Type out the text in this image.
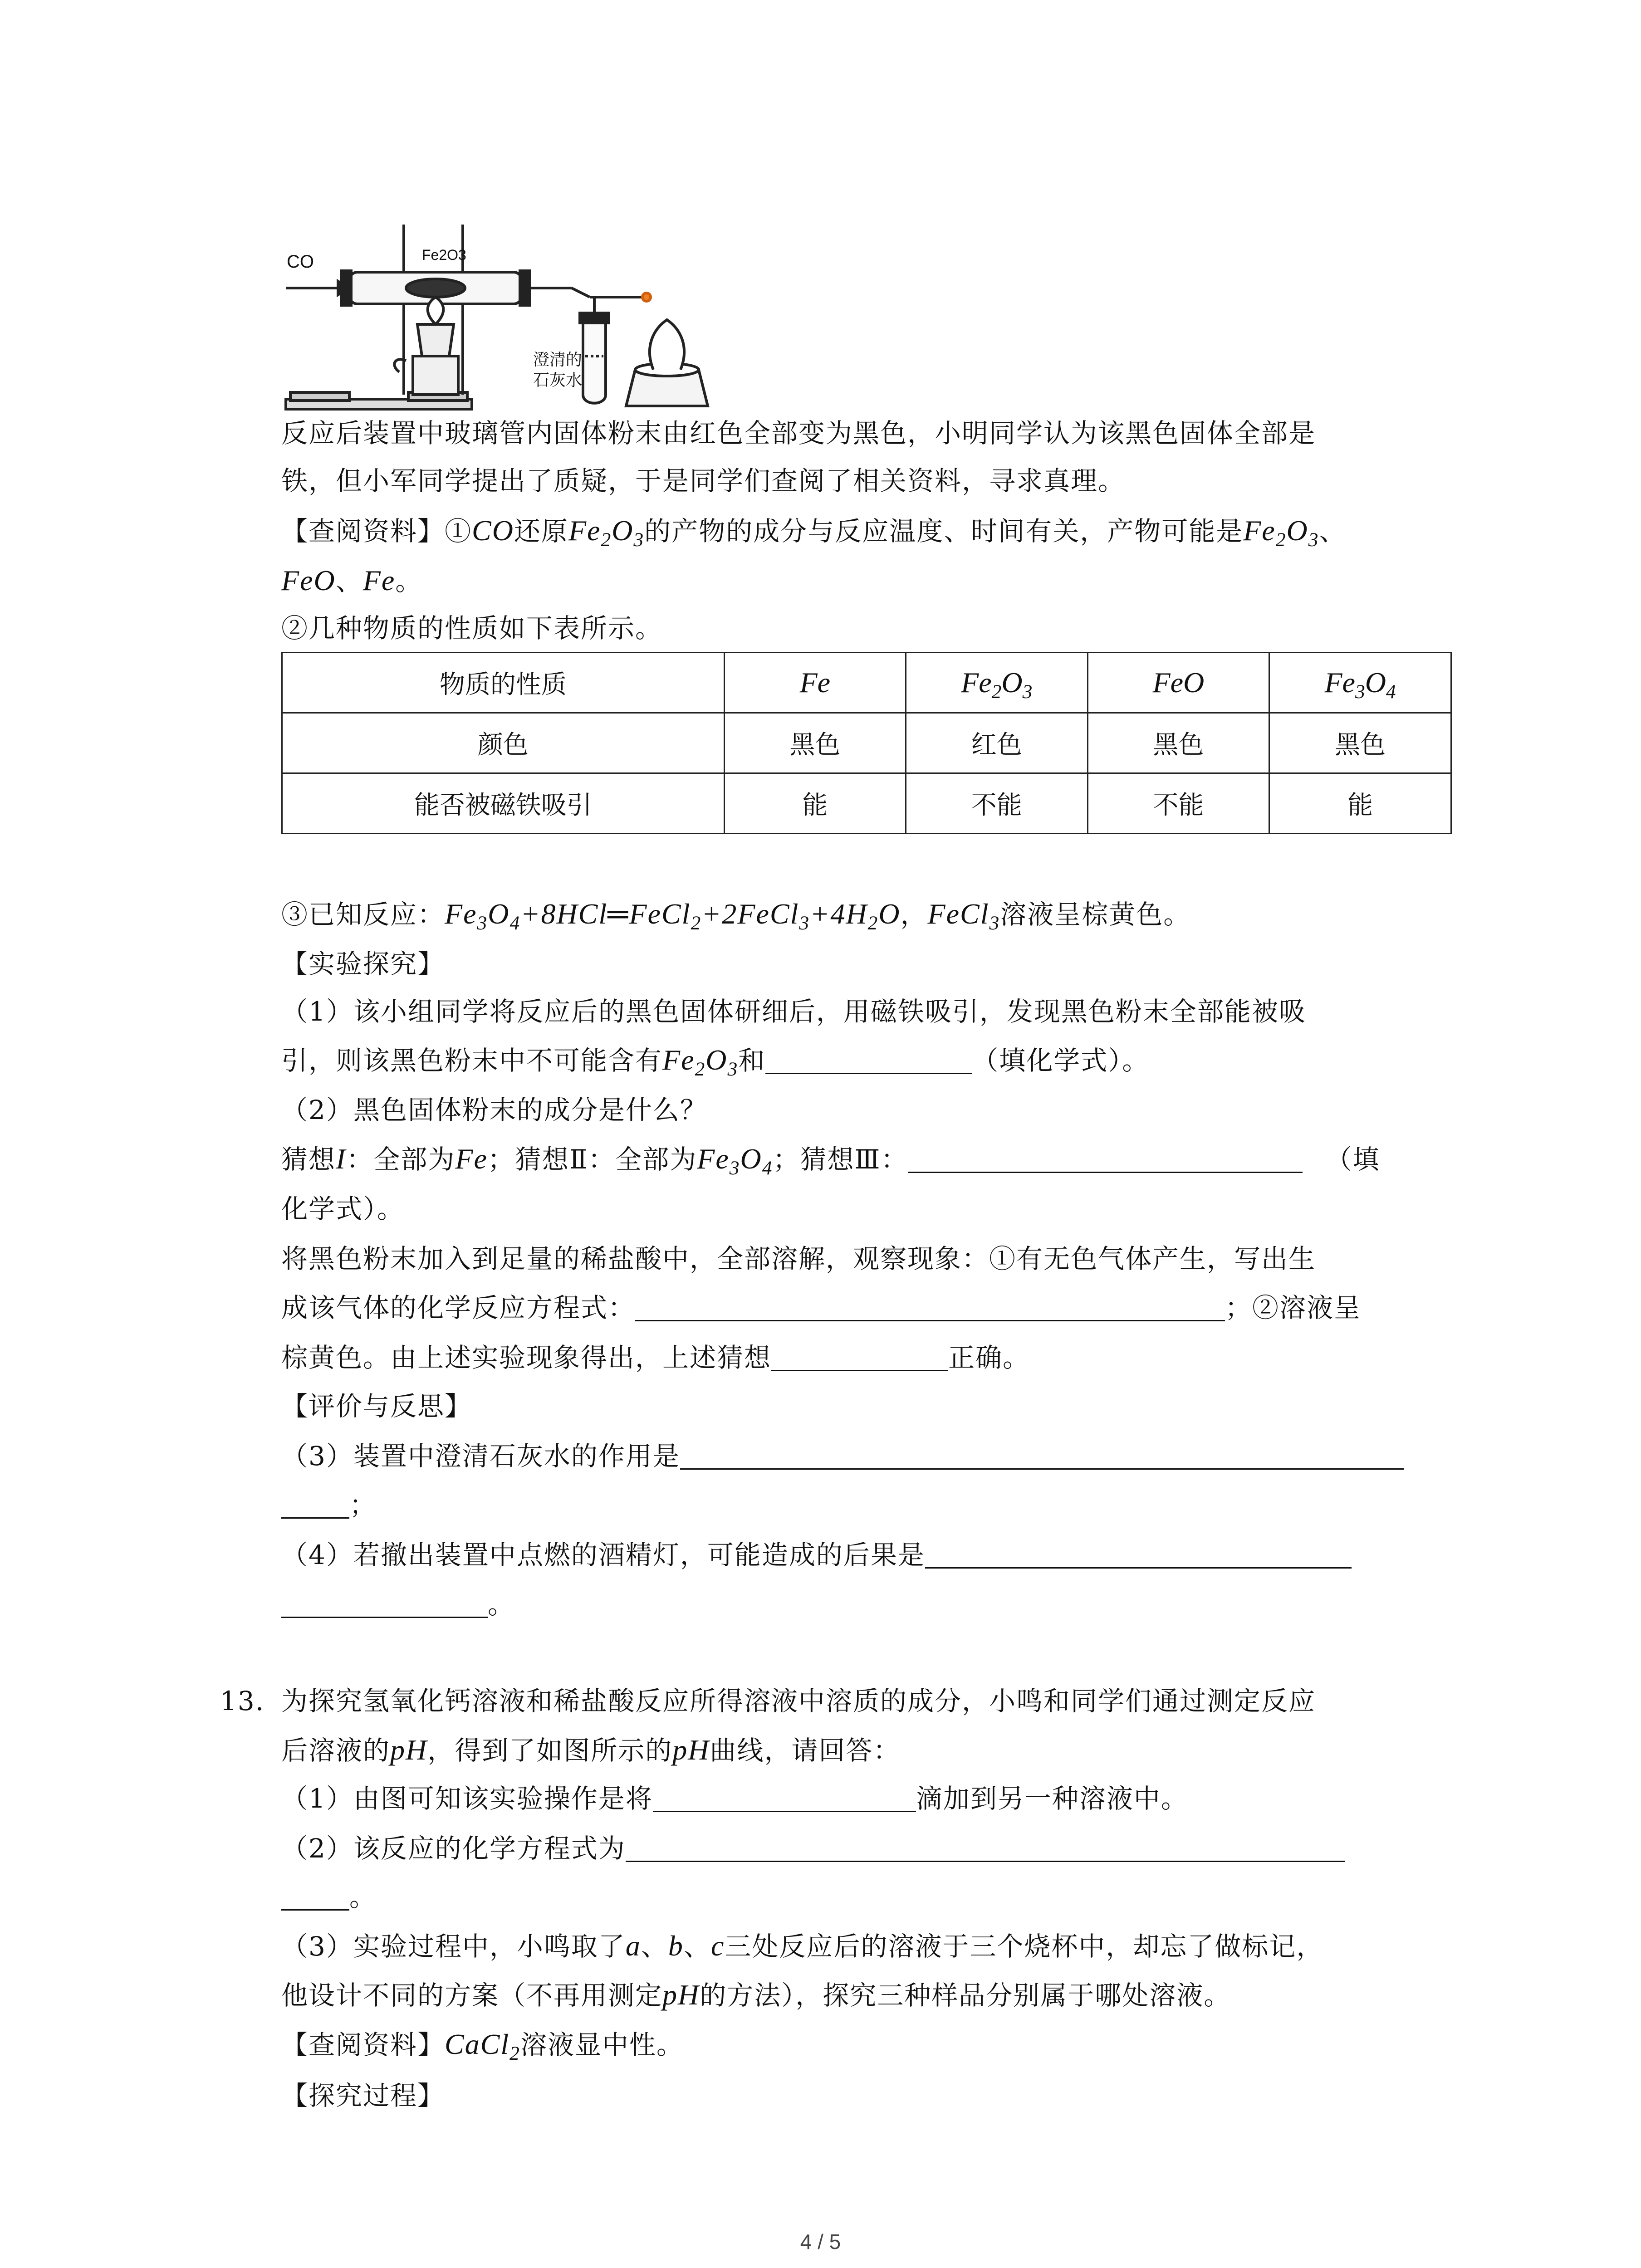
CO	Fe2O3
澄清的
石灰水
反应后装置中玻璃管内固体粉末由红色全部变为黑色，小明同学认为该黑色固体全部是
铁，但小军同学提出了质疑，于是同学们查阅了相关资料，寻求真理。
【查阅资料】①CO还原$Fe_2O_3$的产物的成分与反应温度、时间有关，产物可能是$Fe_2O_3$、
FeO、Fe。
②几种物质的性质如下表所示。
物质的性质	Fe	$Fe_2O_3$	FeO	$Fe_3O_4$
颜色	黑色	红色	黑色	黑色
能否被磁铁吸引	能	不能	不能	能
③已知反应：$Fe_3O_4+8HCl═FeCl_2+2FeCl_3+4H_2O$，FeCl$_3$溶液呈棕黄色。
【实验探究】
（1）该小组同学将反应后的黑色固体研细后，用磁铁吸引，发现黑色粉末全部能被吸
引，则该黑色粉末中不可能含有$Fe_2O_3$和	（填化学式）。
（2）黑色固体粉末的成分是什么？
猜想I：全部为Fe；猜想Ⅱ：全部为$Fe_3O_4$；猜想Ⅲ：	（填
化学式）。
将黑色粉末加入到足量的稀盐酸中，全部溶解，观察现象：①有无色气体产生，写出生
成该气体的化学反应方程式：	；②溶液呈
棕黄色。由上述实验现象得出，上述猜想	正确。
【评价与反思】
（3）装置中澄清石灰水的作用是
；
（4）若撤出装置中点燃的酒精灯，可能造成的后果是
。
13. 为探究氢氧化钙溶液和稀盐酸反应所得溶液中溶质的成分，小鸣和同学们通过测定反应
后溶液的pH，得到了如图所示的pH曲线，请回答：
（1）由图可知该实验操作是将	滴加到另一种溶液中。
（2）该反应的化学方程式为
。
（3）实验过程中，小鸣取了a、b、c三处反应后的溶液于三个烧杯中，却忘了做标记，
他设计不同的方案（不再用测定pH的方法），探究三种样品分别属于哪处溶液。
【查阅资料】CaCl$_2$溶液显中性。
【探究过程】
4 / 5
